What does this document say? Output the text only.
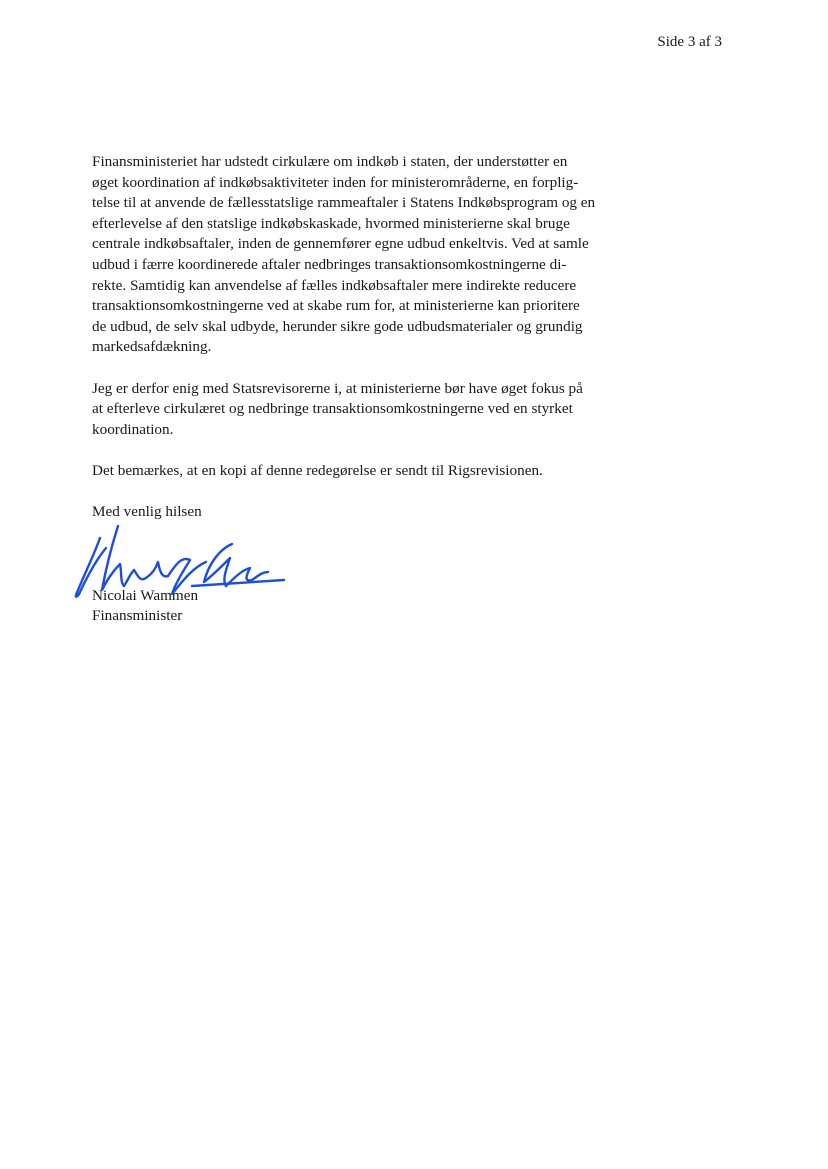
Side 3 af 3

Finansministeriet har udstedt cirkulære om indkøb i staten, der understøtter en
øget koordination af indkøbsaktiviteter inden for ministerområderne, en forplig-
telse til at anvende de fællesstatslige rammeaftaler i Statens Indkøbsprogram og en
efterlevelse af den statslige indkøbskaskade, hvormed ministerierne skal bruge
centrale indkøbsaftaler, inden de gennemfører egne udbud enkeltvis. Ved at samle
udbud i færre koordinerede aftaler nedbringes transaktionsomkostningerne di-
rekte. Samtidig kan anvendelse af fælles indkøbsaftaler mere indirekte reducere
transaktionsomkostningerne ved at skabe rum for, at ministerierne kan prioritere
de udbud, de selv skal udbyde, herunder sikre gode udbudsmaterialer og grundig
markedsafdækning.

Jeg er derfor enig med Statsrevisorerne i, at ministerierne bør have øget fokus på
at efterleve cirkulæret og nedbringe transaktionsomkostningerne ved en styrket
koordination.

Det bemærkes, at en kopi af denne redegørelse er sendt til Rigsrevisionen.

Med venlig hilsen

Nicolai Wammen
Finansminister
